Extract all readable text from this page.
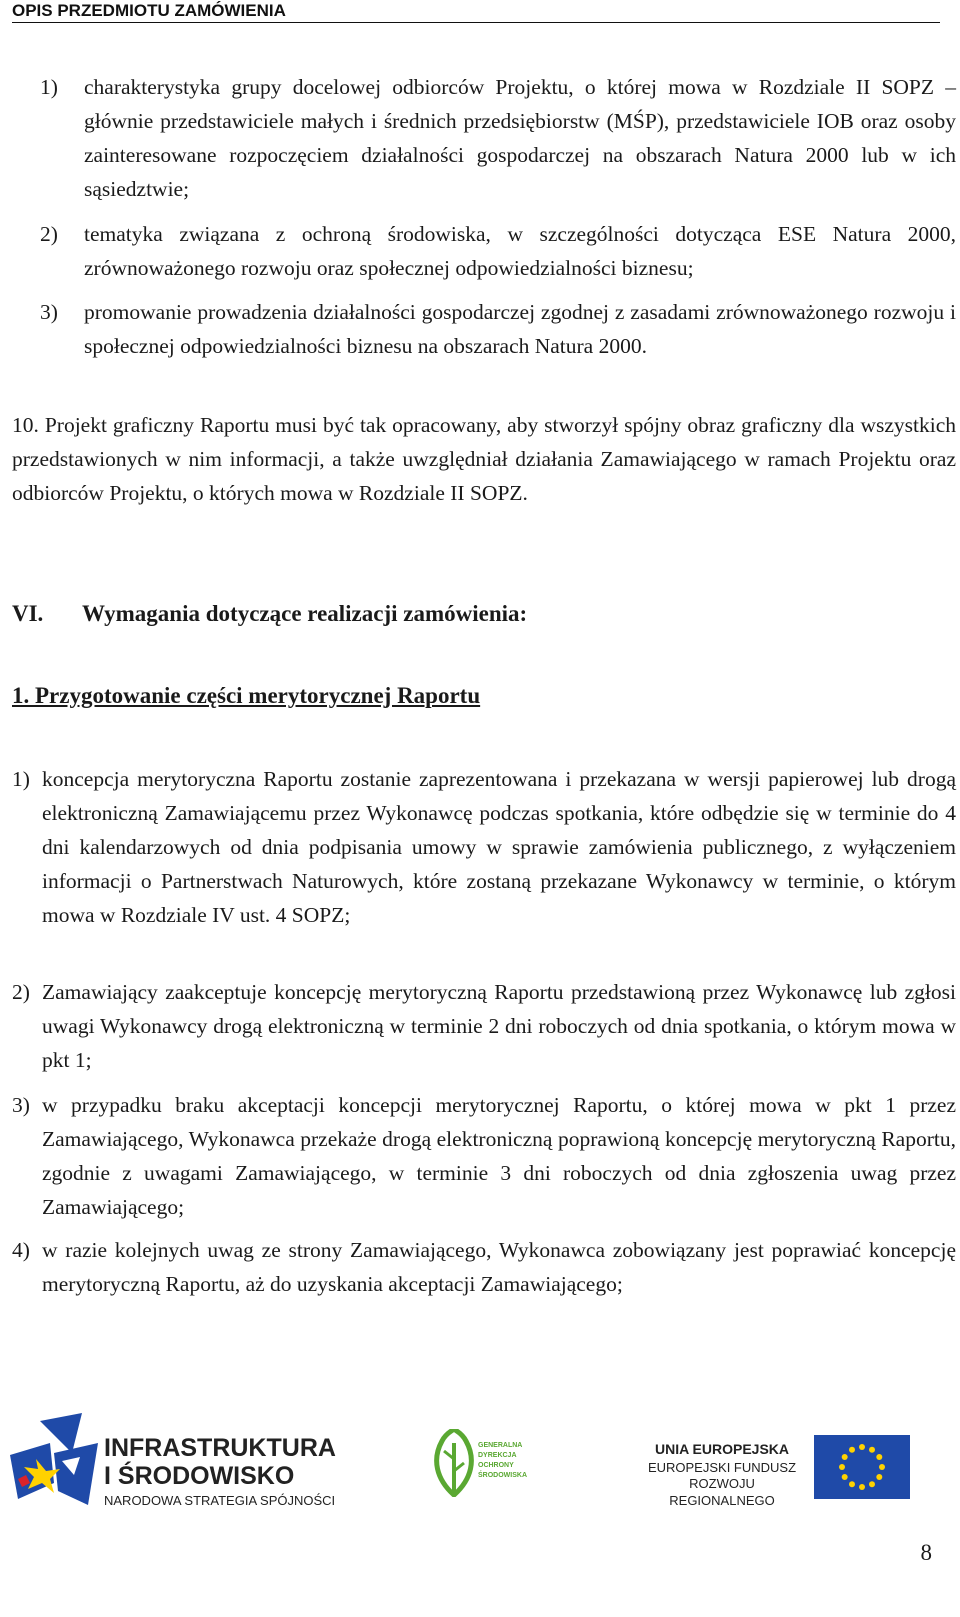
OPIS PRZEDMIOTU ZAMÓWIENIA
1) charakterystyka grupy docelowej odbiorców Projektu, o której mowa w Rozdziale II SOPZ – głównie przedstawiciele małych i średnich przedsiębiorstw (MŚP), przedstawiciele IOB oraz osoby zainteresowane rozpoczęciem działalności gospodarczej na obszarach Natura 2000 lub w ich sąsiedztwie;
2) tematyka związana z ochroną środowiska, w szczególności dotycząca ESE Natura 2000, zrównoważonego rozwoju oraz społecznej odpowiedzialności biznesu;
3) promowanie prowadzenia działalności gospodarczej zgodnej z zasadami zrównoważonego rozwoju i społecznej odpowiedzialności biznesu na obszarach Natura 2000.
10. Projekt graficzny Raportu musi być tak opracowany, aby stworzył spójny obraz graficzny dla wszystkich przedstawionych w nim informacji, a także uwzględniał działania Zamawiającego w ramach Projektu oraz odbiorców Projektu, o których mowa w Rozdziale II SOPZ.
VI. Wymagania dotyczące realizacji zamówienia:
1. Przygotowanie części merytorycznej Raportu
1) koncepcja merytoryczna Raportu zostanie zaprezentowana i przekazana w wersji papierowej lub drogą elektroniczną Zamawiającemu przez Wykonawcę podczas spotkania, które odbędzie się w terminie do 4 dni kalendarzowych od dnia podpisania umowy w sprawie zamówienia publicznego, z wyłączeniem informacji o Partnerstwach Naturowych, które zostaną przekazane Wykonawcy w terminie, o którym mowa w Rozdziale IV ust. 4 SOPZ;
2) Zamawiający zaakceptuje koncepcję merytoryczną Raportu przedstawioną przez Wykonawcę lub zgłosi uwagi Wykonawcy drogą elektroniczną w terminie 2 dni roboczych od dnia spotkania, o którym mowa w pkt 1;
3) w przypadku braku akceptacji koncepcji merytorycznej Raportu, o której mowa w pkt 1 przez Zamawiającego, Wykonawca przekaże drogą elektroniczną poprawioną koncepcję merytoryczną Raportu, zgodnie z uwagami Zamawiającego, w terminie 3 dni roboczych od dnia zgłoszenia uwag przez Zamawiającego;
4) w razie kolejnych uwag ze strony Zamawiającego, Wykonawca zobowiązany jest poprawiać koncepcję merytoryczną Raportu, aż do uzyskania akceptacji Zamawiającego;
INFRASTRUKTURA
I ŚRODOWISKO
NARODOWA STRATEGIA SPÓJNOŚCI
GENERALNA
DYREKCJA
OCHRONY
ŚRODOWISKA
UNIA EUROPEJSKA
EUROPEJSKI FUNDUSZ
ROZWOJU REGIONALNEGO
8
